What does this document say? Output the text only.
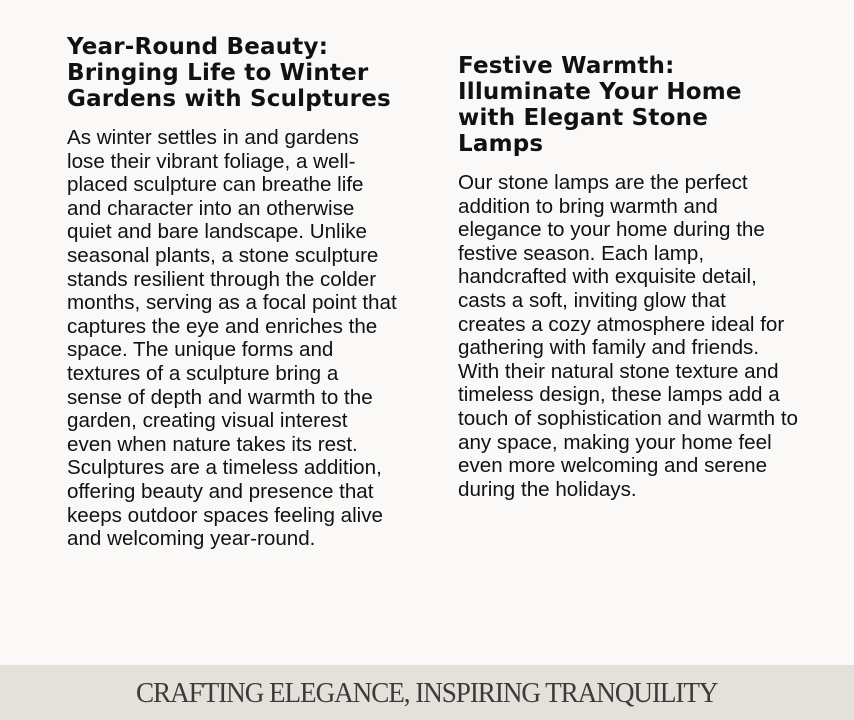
Year-Round Beauty: Bringing Life to Winter Gardens with Sculptures

As winter settles in and gardens lose their vibrant foliage, a well-placed sculpture can breathe life and character into an otherwise quiet and bare landscape. Unlike seasonal plants, a stone sculpture stands resilient through the colder months, serving as a focal point that captures the eye and enriches the space. The unique forms and textures of a sculpture bring a sense of depth and warmth to the garden, creating visual interest even when nature takes its rest. Sculptures are a timeless addition, offering beauty and presence that keeps outdoor spaces feeling alive and welcoming year-round.

Festive Warmth: Illuminate Your Home with Elegant Stone Lamps

Our stone lamps are the perfect addition to bring warmth and elegance to your home during the festive season. Each lamp, handcrafted with exquisite detail, casts a soft, inviting glow that creates a cozy atmosphere ideal for gathering with family and friends. With their natural stone texture and timeless design, these lamps add a touch of sophistication and warmth to any space, making your home feel even more welcoming and serene during the holidays.

CRAFTING ELEGANCE, INSPIRING TRANQUILITY
